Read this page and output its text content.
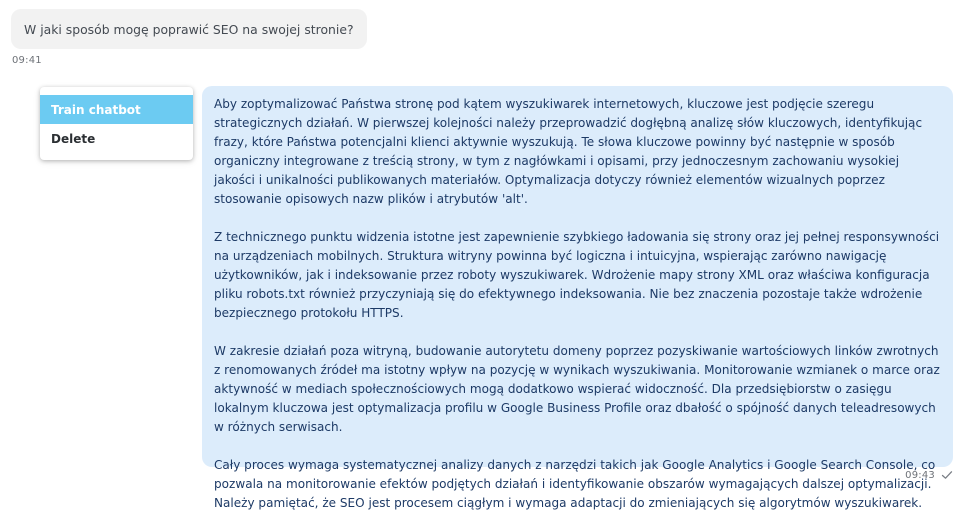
W jaki sposób mogę poprawić SEO na swojej stronie?
09:41

Aby zoptymalizować Państwa stronę pod kątem wyszukiwarek internetowych, kluczowe jest podjęcie szeregu strategicznych działań. W pierwszej kolejności należy przeprowadzić dogłębną analizę słów kluczowych, identyfikując frazy, które Państwa potencjalni klienci aktywnie wyszukują. Te słowa kluczowe powinny być następnie w sposób organiczny integrowane z treścią strony, w tym z nagłówkami i opisami, przy jednoczesnym zachowaniu wysokiej jakości i unikalności publikowanych materiałów. Optymalizacja dotyczy również elementów wizualnych poprzez stosowanie opisowych nazw plików i atrybutów 'alt'.

Z technicznego punktu widzenia istotne jest zapewnienie szybkiego ładowania się strony oraz jej pełnej responsywności na urządzeniach mobilnych. Struktura witryny powinna być logiczna i intuicyjna, wspierając zarówno nawigację użytkowników, jak i indeksowanie przez roboty wyszukiwarek. Wdrożenie mapy strony XML oraz właściwa konfiguracja pliku robots.txt również przyczyniają się do efektywnego indeksowania. Nie bez znaczenia pozostaje także wdrożenie bezpiecznego protokołu HTTPS.

W zakresie działań poza witryną, budowanie autorytetu domeny poprzez pozyskiwanie wartościowych linków zwrotnych z renomowanych źródeł ma istotny wpływ na pozycję w wynikach wyszukiwania. Monitorowanie wzmianek o marce oraz aktywność w mediach społecznościowych mogą dodatkowo wspierać widoczność. Dla przedsiębiorstw o zasięgu lokalnym kluczowa jest optymalizacja profilu w Google Business Profile oraz dbałość o spójność danych teleadresowych w różnych serwisach.

Cały proces wymaga systematycznej analizy danych z narzędzi takich jak Google Analytics i Google Search Console, co pozwala na monitorowanie efektów podjętych działań i identyfikowanie obszarów wymagających dalszej optymalizacji. Należy pamiętać, że SEO jest procesem ciągłym i wymaga adaptacji do zmieniających się algorytmów wyszukiwarek.

09:43
Train chatbot
Delete
